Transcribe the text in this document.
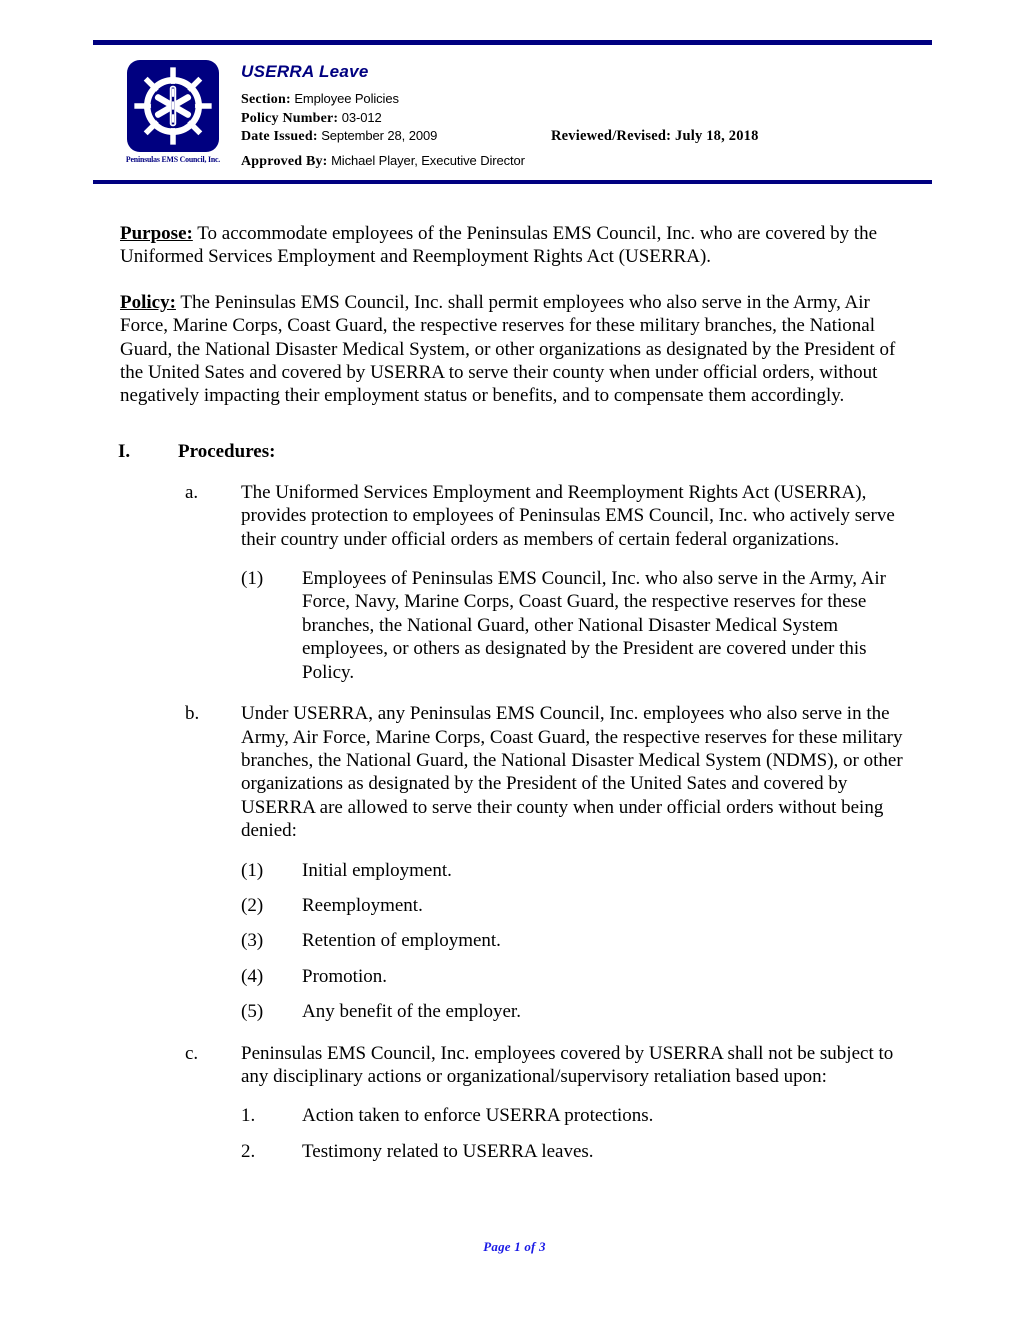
Peninsulas EMS Council, Inc.
USERRA Leave
Section: Employee Policies
Policy Number: 03-012
Date Issued: September 28, 2009	Reviewed/Revised: July 18, 2018
Approved By: Michael Player, Executive Director

Purpose: To accommodate employees of the Peninsulas EMS Council, Inc. who are covered by the Uniformed Services Employment and Reemployment Rights Act (USERRA).

Policy: The Peninsulas EMS Council, Inc. shall permit employees who also serve in the Army, Air Force, Marine Corps, Coast Guard, the respective reserves for these military branches, the National Guard, the National Disaster Medical System, or other organizations as designated by the President of the United Sates and covered by USERRA to serve their county when under official orders, without negatively impacting their employment status or benefits, and to compensate them accordingly.

I.	Procedures:
a.	The Uniformed Services Employment and Reemployment Rights Act (USERRA), provides protection to employees of Peninsulas EMS Council, Inc. who actively serve their country under official orders as members of certain federal organizations.
(1)	Employees of Peninsulas EMS Council, Inc. who also serve in the Army, Air Force, Navy, Marine Corps, Coast Guard, the respective reserves for these branches, the National Guard, other National Disaster Medical System employees, or others as designated by the President are covered under this Policy.
b.	Under USERRA, any Peninsulas EMS Council, Inc. employees who also serve in the Army, Air Force, Marine Corps, Coast Guard, the respective reserves for these military branches, the National Guard, the National Disaster Medical System (NDMS), or other organizations as designated by the President of the United Sates and covered by USERRA are allowed to serve their county when under official orders without being denied:
(1)	Initial employment.
(2)	Reemployment.
(3)	Retention of employment.
(4)	Promotion.
(5)	Any benefit of the employer.
c.	Peninsulas EMS Council, Inc. employees covered by USERRA shall not be subject to any disciplinary actions or organizational/supervisory retaliation based upon:
1.	Action taken to enforce USERRA protections.
2.	Testimony related to USERRA leaves.
Page 1 of 3
